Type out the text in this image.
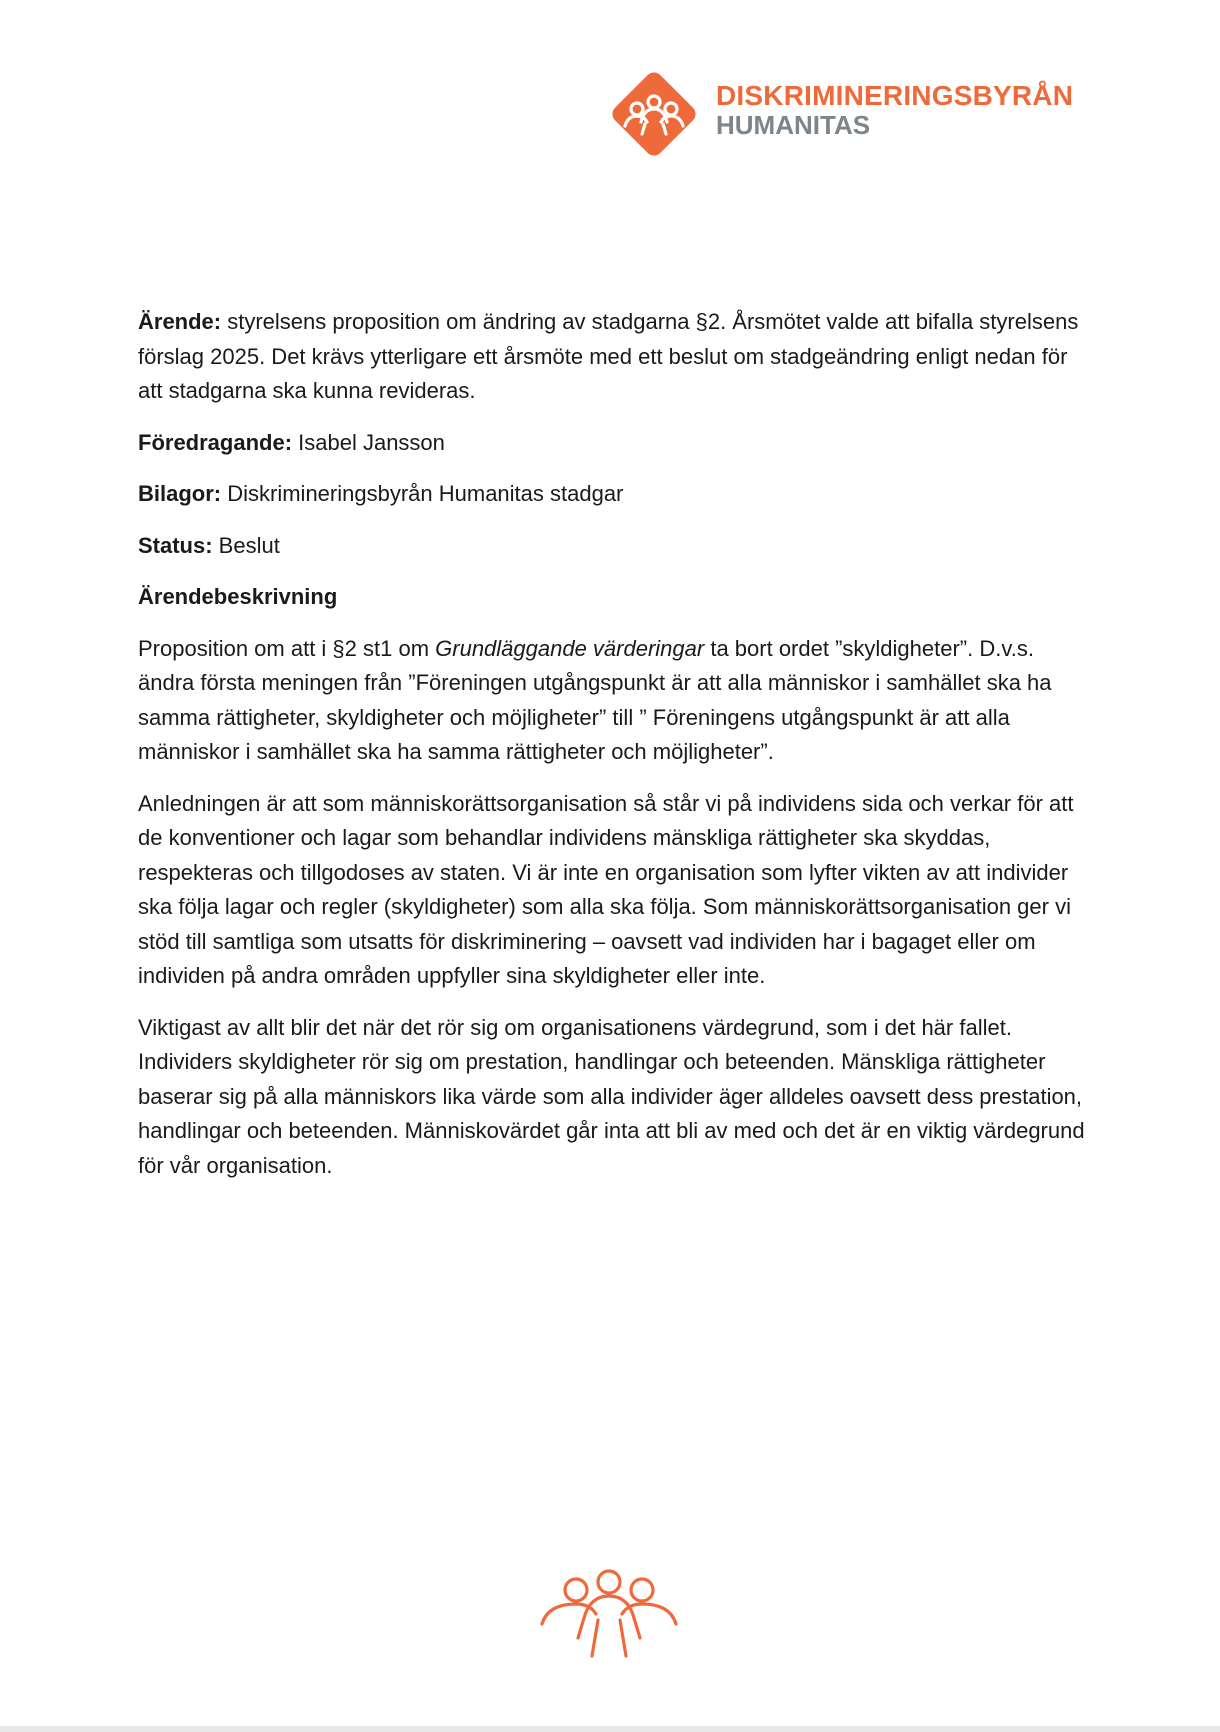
DISKRIMINERINGSBYRÅN
HUMANITAS

Ärende: styrelsens proposition om ändring av stadgarna §2. Årsmötet valde att bifalla styrelsens förslag 2025. Det krävs ytterligare ett årsmöte med ett beslut om stadgeändring enligt nedan för att stadgarna ska kunna revideras.

Föredragande: Isabel Jansson

Bilagor: Diskrimineringsbyrån Humanitas stadgar

Status: Beslut

Ärendebeskrivning

Proposition om att i §2 st1 om Grundläggande värderingar ta bort ordet ”skyldigheter”. D.v.s. ändra första meningen från ”Föreningen utgångspunkt är att alla människor i samhället ska ha samma rättigheter, skyldigheter och möjligheter” till ” Föreningens utgångspunkt är att alla människor i samhället ska ha samma rättigheter och möjligheter”.

Anledningen är att som människorättsorganisation så står vi på individens sida och verkar för att de konventioner och lagar som behandlar individens mänskliga rättigheter ska skyddas, respekteras och tillgodoses av staten. Vi är inte en organisation som lyfter vikten av att individer ska följa lagar och regler (skyldigheter) som alla ska följa. Som människorättsorganisation ger vi stöd till samtliga som utsatts för diskriminering – oavsett vad individen har i bagaget eller om individen på andra områden uppfyller sina skyldigheter eller inte.

Viktigast av allt blir det när det rör sig om organisationens värdegrund, som i det här fallet. Individers skyldigheter rör sig om prestation, handlingar och beteenden. Mänskliga rättigheter baserar sig på alla människors lika värde som alla individer äger alldeles oavsett dess prestation, handlingar och beteenden. Människovärdet går inta att bli av med och det är en viktig värdegrund för vår organisation.
